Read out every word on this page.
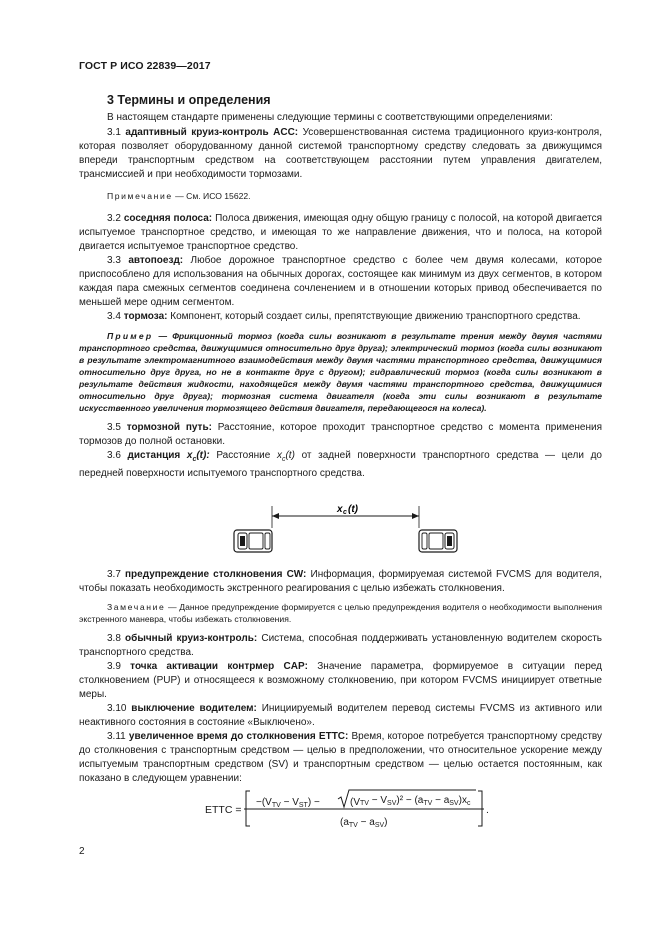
ГОСТ Р ИСО 22839—2017
3 Термины и определения

В настоящем стандарте применены следующие термины с соответствующими определениями:

3.1 адаптивный круиз-контроль ACC: Усовершенствованная система традиционного круиз-контроля, которая позволяет оборудованному данной системой транспортному средству следовать за движущимся впереди транспортным средством на соответствующем расстоянии путем управления двигателем, трансмиссией и при необходимости тормозами.

Примечание — См. ИСО 15622.

3.2 соседняя полоса: Полоса движения, имеющая одну общую границу с полосой, на которой двигается испытуемое транспортное средство, и имеющая то же направление движения, что и полоса, на которой двигается испытуемое транспортное средство.

3.3 автопоезд: Любое дорожное транспортное средство с более чем двумя колесами, которое приспособлено для использования на обычных дорогах, состоящее как минимум из двух сегментов, в котором каждая пара смежных сегментов соединена сочленением и в отношении которых привод обеспечивается по меньшей мере одним сегментом.

3.4 тормоза: Компонент, который создает силы, препятствующие движению транспортного средства.

Пример — Фрикционный тормоз (когда силы возникают в результате трения между двумя частями транспортного средства, движущимися относительно друг друга); электрический тормоз (когда силы возникают в результате электромагнитного взаимодействия между двумя частями транспортного средства, движущимися относительно друг друга, но не в контакте друг с другом); гидравлический тормоз (когда силы возникают в результате действия жидкости, находящейся между двумя частями транспортного средства, движущимися относительно друг друга); тормозная система двигателя (когда эти силы возникают в результате искусственного увеличения тормозящего действия двигателя, передающегося на колеса).

3.5 тормозной путь: Расстояние, которое проходит транспортное средство с момента применения тормозов до полной остановки.

3.6 дистанция $x_c(t)$: Расстояние $x_c(t)$ от задней поверхности транспортного средства — цели до передней поверхности испытуемого транспортного средства.

x c (t)

3.7 предупреждение столкновения CW: Информация, формируемая системой FVCMS для водителя, чтобы показать необходимость экстренного реагирования с целью избежать столкновения.

Замечание — Данное предупреждение формируется с целью предупреждения водителя о необходимости выполнения экстренного маневра, чтобы избежать столкновения.

3.8 обычный круиз-контроль: Система, способная поддерживать установленную водителем скорость транспортного средства.

3.9 точка активации контрмер CAP: Значение параметра, формируемое в ситуации перед столкновением (PUP) и относящееся к возможному столкновению, при котором FVCMS инициирует ответные меры.

3.10 выключение водителем: Инициируемый водителем перевод системы FVCMS из активного или неактивного состояния в состояние «Выключено».

3.11 увеличенное время до столкновения ETTC: Время, которое потребуется транспортному средству до столкновения с транспортным средством — целью в предположении, что относительное ускорение между испытуемым транспортным средством (SV) и транспортным средством — целью остается постоянным, как показано в следующем уравнении:

ETTC =
$-(V_{TV} - V_{ST})$ −	$(VTV - V_{SV})^2 - (a_{TV} - a_{SV})x_c$
$(a_{TV} - a_{SV})$
.
2
